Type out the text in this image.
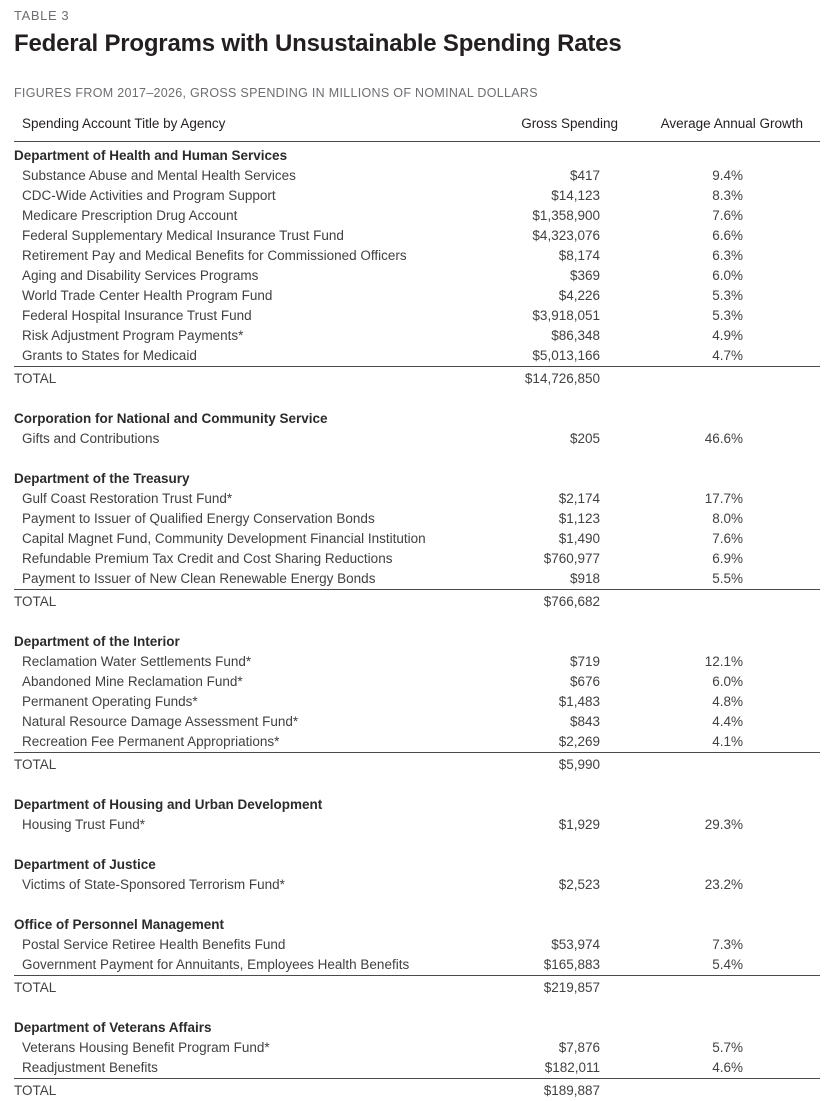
TABLE 3
Federal Programs with Unsustainable Spending Rates
FIGURES FROM 2017–2026, GROSS SPENDING IN MILLIONS OF NOMINAL DOLLARS
Spending Account Title by Agency	Gross Spending	Average Annual Growth
Department of Health and Human Services		
Substance Abuse and Mental Health Services	$417	9.4%
CDC-Wide Activities and Program Support	$14,123	8.3%
Medicare Prescription Drug Account	$1,358,900	7.6%
Federal Supplementary Medical Insurance Trust Fund	$4,323,076	6.6%
Retirement Pay and Medical Benefits for Commissioned Officers	$8,174	6.3%
Aging and Disability Services Programs	$369	6.0%
World Trade Center Health Program Fund	$4,226	5.3%
Federal Hospital Insurance Trust Fund	$3,918,051	5.3%
Risk Adjustment Program Payments*	$86,348	4.9%
Grants to States for Medicaid	$5,013,166	4.7%
TOTAL	$14,726,850	

Corporation for National and Community Service		
Gifts and Contributions	$205	46.6%

Department of the Treasury		
Gulf Coast Restoration Trust Fund*	$2,174	17.7%
Payment to Issuer of Qualified Energy Conservation Bonds	$1,123	8.0%
Capital Magnet Fund, Community Development Financial Institution	$1,490	7.6%
Refundable Premium Tax Credit and Cost Sharing Reductions	$760,977	6.9%
Payment to Issuer of New Clean Renewable Energy Bonds	$918	5.5%
TOTAL	$766,682	

Department of the Interior		
Reclamation Water Settlements Fund*	$719	12.1%
Abandoned Mine Reclamation Fund*	$676	6.0%
Permanent Operating Funds*	$1,483	4.8%
Natural Resource Damage Assessment Fund*	$843	4.4%
Recreation Fee Permanent Appropriations*	$2,269	4.1%
TOTAL	$5,990	

Department of Housing and Urban Development		
Housing Trust Fund*	$1,929	29.3%

Department of Justice		
Victims of State-Sponsored Terrorism Fund*	$2,523	23.2%

Office of Personnel Management		
Postal Service Retiree Health Benefits Fund	$53,974	7.3%
Government Payment for Annuitants, Employees Health Benefits	$165,883	5.4%
TOTAL	$219,857	

Department of Veterans Affairs		
Veterans Housing Benefit Program Fund*	$7,876	5.7%
Readjustment Benefits	$182,011	4.6%
TOTAL	$189,887	
